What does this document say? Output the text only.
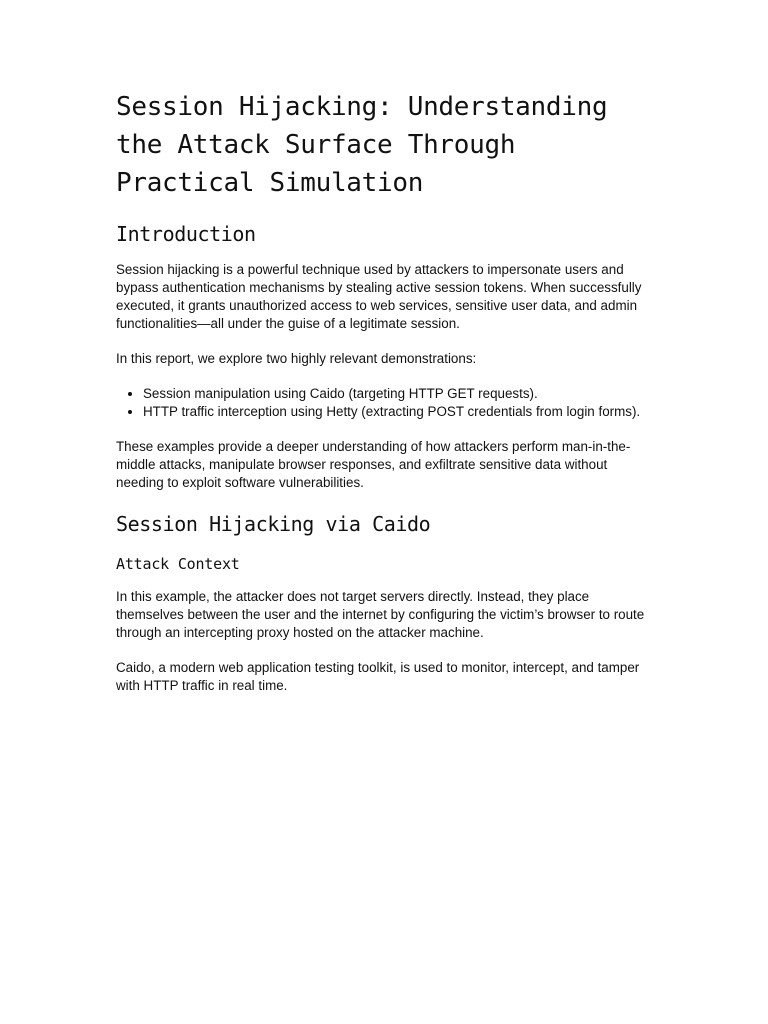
Session Hijacking: Understanding the Attack Surface Through Practical Simulation
Introduction

Session hijacking is a powerful technique used by attackers to impersonate users and bypass authentication mechanisms by stealing active session tokens. When successfully executed, it grants unauthorized access to web services, sensitive user data, and admin functionalities—all under the guise of a legitimate session.

In this report, we explore two highly relevant demonstrations:

• Session manipulation using Caido (targeting HTTP GET requests).
• HTTP traffic interception using Hetty (extracting POST credentials from login forms).

These examples provide a deeper understanding of how attackers perform man-in-the-middle attacks, manipulate browser responses, and exfiltrate sensitive data without needing to exploit software vulnerabilities.

Session Hijacking via Caido
Attack Context

In this example, the attacker does not target servers directly. Instead, they place themselves between the user and the internet by configuring the victim’s browser to route through an intercepting proxy hosted on the attacker machine.

Caido, a modern web application testing toolkit, is used to monitor, intercept, and tamper with HTTP traffic in real time.
